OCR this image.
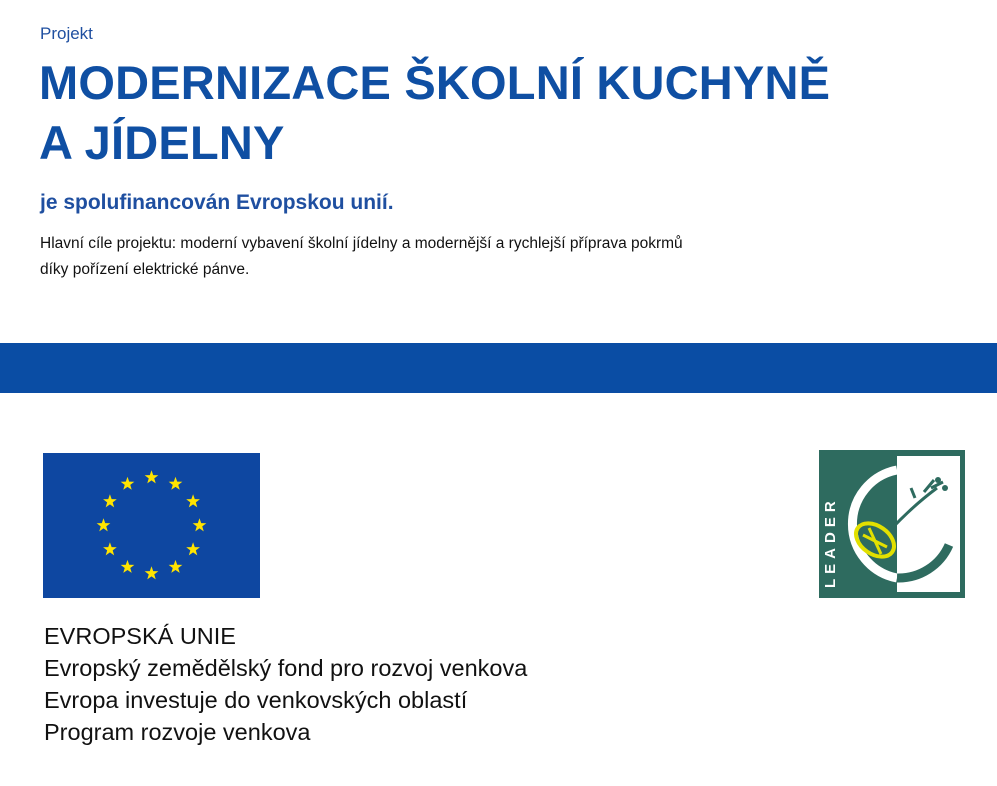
Projekt
MODERNIZACE ŠKOLNÍ KUCHYNĚ
A JÍDELNY
je spolufinancován Evropskou unií.
Hlavní cíle projektu: moderní vybavení školní jídelny a modernější a rychlejší příprava pokrmů
díky pořízení elektrické pánve.
LEADER
EVROPSKÁ UNIE
Evropský zemědělský fond pro rozvoj venkova
Evropa investuje do venkovských oblastí
Program rozvoje venkova
